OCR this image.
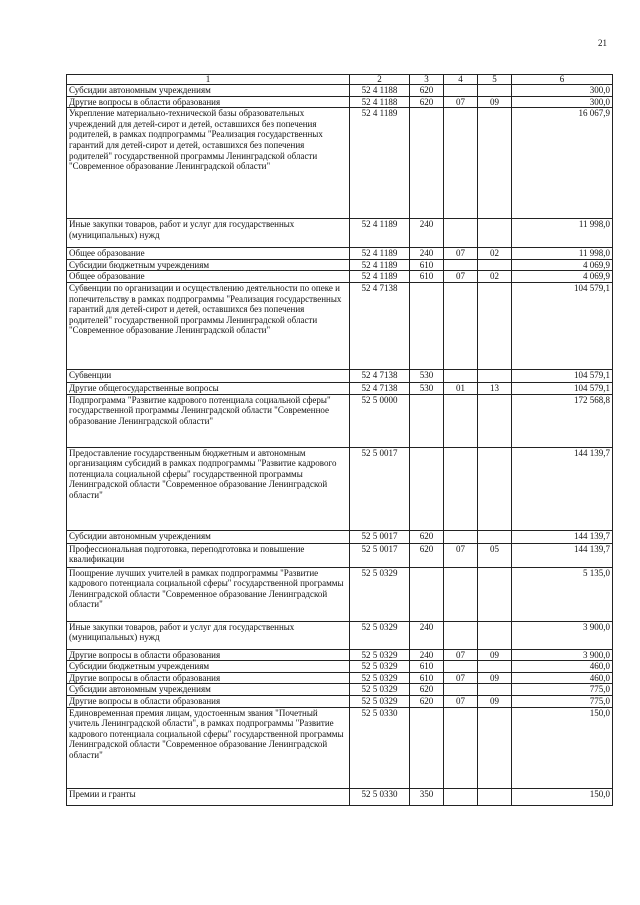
21
1	2	3	4	5	6
Субсидии автономным учреждениям	52 4 1188	620			300,0
Другие вопросы в области образования	52 4 1188	620	07	09	300,0
Укрепление материально-технической базы образовательных учреждений для детей-сирот и детей, оставшихся без попечения родителей, в рамках подпрограммы "Реализация государственных гарантий для детей-сирот и детей, оставшихся без попечения родителей" государственной программы Ленинградской области "Современное образование Ленинградской области"	52 4 1189				16 067,9
Иные закупки товаров, работ и услуг для государственных (муниципальных) нужд	52 4 1189	240			11 998,0
Общее образование	52 4 1189	240	07	02	11 998,0
Субсидии бюджетным учреждениям	52 4 1189	610			4 069,9
Общее образование	52 4 1189	610	07	02	4 069,9
Субвенции по организации и осуществлению деятельности по опеке и попечительству в рамках подпрограммы "Реализация государственных гарантий для детей-сирот и детей, оставшихся без попечения родителей" государственной программы Ленинградской области "Современное образование Ленинградской области"	52 4 7138				104 579,1
Субвенции	52 4 7138	530			104 579,1
Другие общегосударственные вопросы	52 4 7138	530	01	13	104 579,1
Подпрограмма "Развитие кадрового потенциала социальной сферы" государственной программы Ленинградской области "Современное образование Ленинградской области"	52 5 0000				172 568,8
Предоставление государственным бюджетным и автономным организациям субсидий в рамках подпрограммы "Развитие кадрового потенциала социальной сферы" государственной программы Ленинградской области "Современное образование Ленинградской области"	52 5 0017				144 139,7
Субсидии автономным учреждениям	52 5 0017	620			144 139,7
Профессиональная подготовка, переподготовка и повышение квалификации	52 5 0017	620	07	05	144 139,7
Поощрение лучших учителей в рамках подпрограммы "Развитие кадрового потенциала социальной сферы" государственной программы Ленинградской области "Современное образование Ленинградской области"	52 5 0329				5 135,0
Иные закупки товаров, работ и услуг для государственных (муниципальных) нужд	52 5 0329	240			3 900,0
Другие вопросы в области образования	52 5 0329	240	07	09	3 900,0
Субсидии бюджетным учреждениям	52 5 0329	610			460,0
Другие вопросы в области образования	52 5 0329	610	07	09	460,0
Субсидии автономным учреждениям	52 5 0329	620			775,0
Другие вопросы в области образования	52 5 0329	620	07	09	775,0
Единовременная премия лицам, удостоенным звания "Почетный учитель Ленинградской области", в рамках подпрограммы "Развитие кадрового потенциала социальной сферы" государственной программы Ленинградской области "Современное образование Ленинградской области"	52 5 0330				150,0
Премии и гранты	52 5 0330	350			150,0
